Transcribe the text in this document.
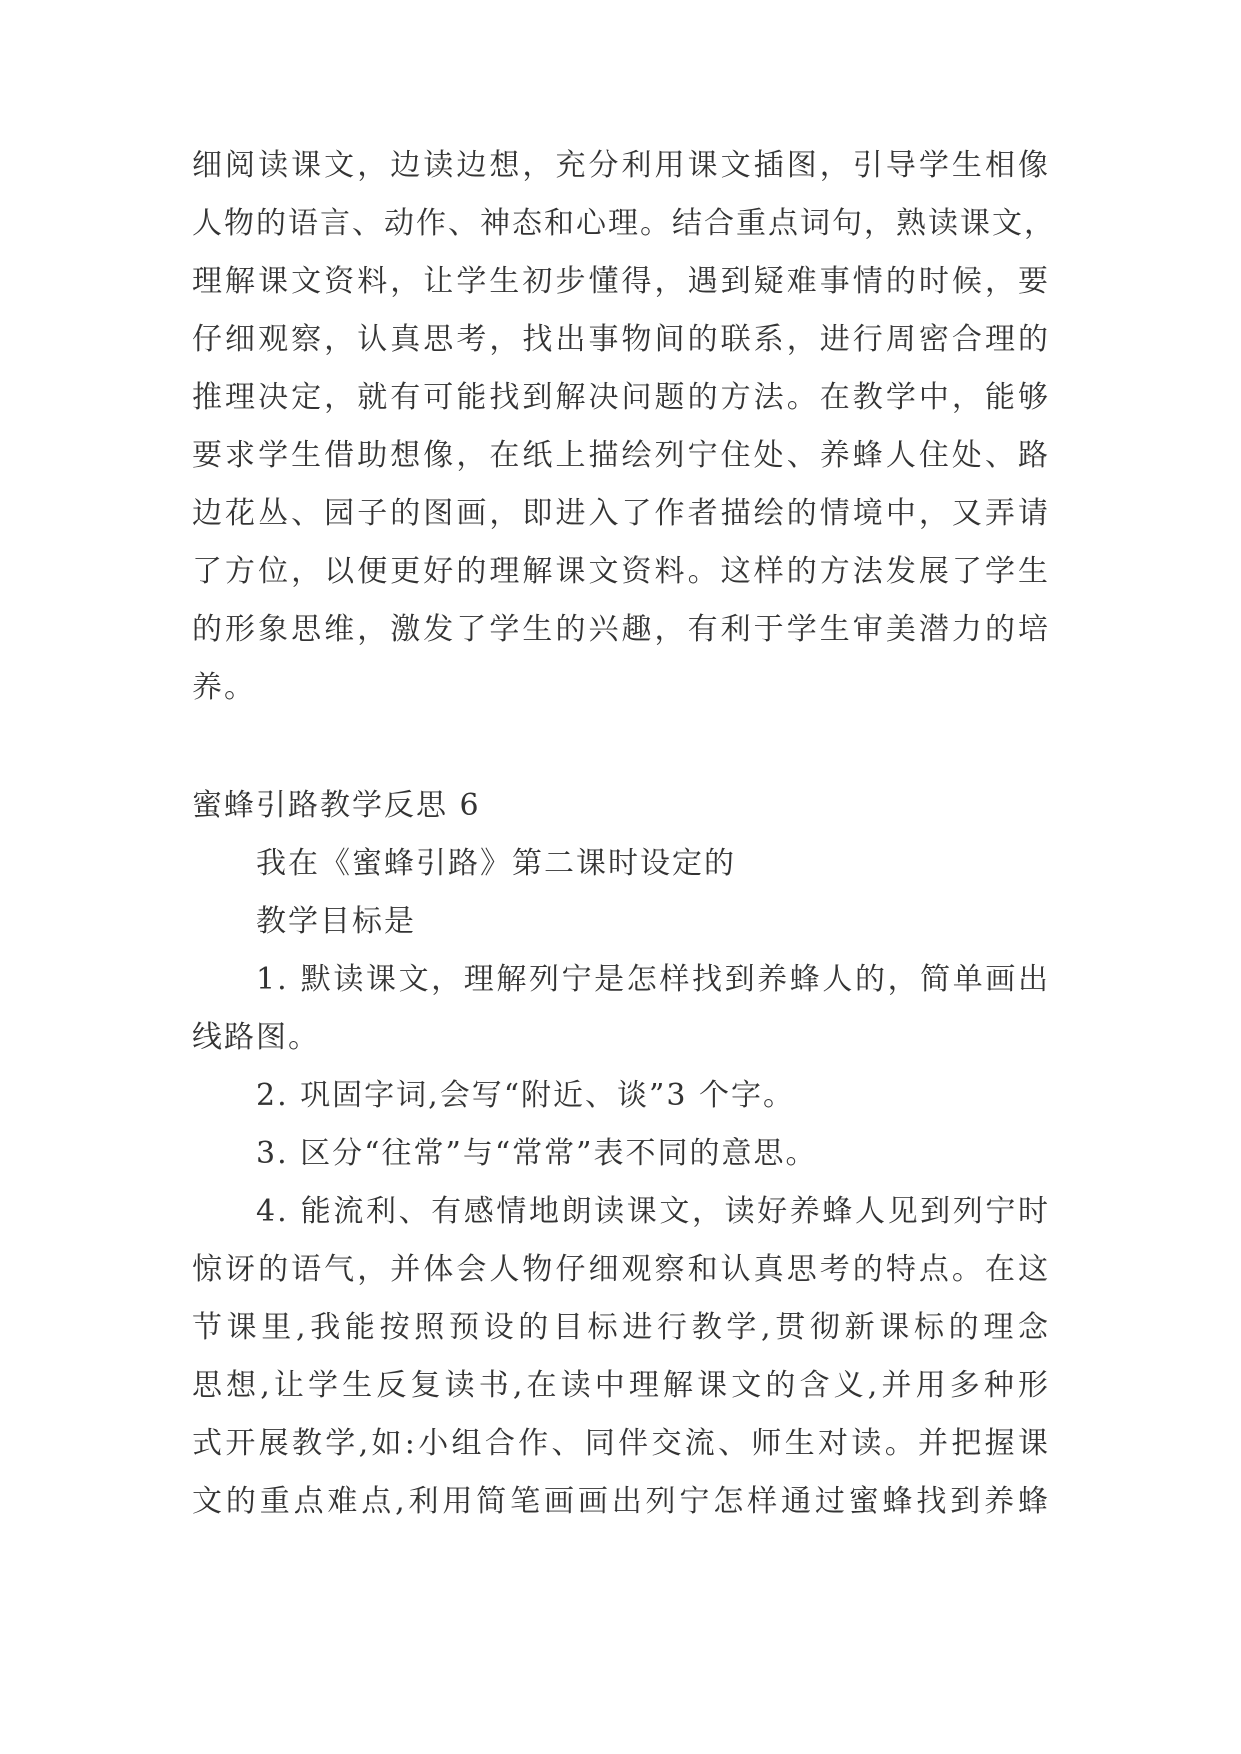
细阅读课文，边读边想，充分利用课文插图，引导学生相像
人物的语言、动作、神态和心理。结合重点词句，熟读课文，
理解课文资料，让学生初步懂得，遇到疑难事情的时候，要
仔细观察，认真思考，找出事物间的联系，进行周密合理的
推理决定，就有可能找到解决问题的方法。在教学中，能够
要求学生借助想像，在纸上描绘列宁住处、养蜂人住处、路
边花丛、园子的图画，即进入了作者描绘的情境中，又弄请
了方位，以便更好的理解课文资料。这样的方法发展了学生
的形象思维，激发了学生的兴趣，有利于学生审美潜力的培
养。
蜜蜂引路教学反思 6
我在《蜜蜂引路》第二课时设定的
教学目标是
1. 默读课文，理解列宁是怎样找到养蜂人的，简单画出
线路图。
2. 巩固字词,会写“附近、谈”3 个字。
3. 区分“往常”与“常常”表不同的意思。
4. 能流利、有感情地朗读课文，读好养蜂人见到列宁时
惊讶的语气，并体会人物仔细观察和认真思考的特点。在这
节课里,我能按照预设的目标进行教学,贯彻新课标的理念
思想,让学生反复读书,在读中理解课文的含义,并用多种形
式开展教学,如:小组合作、同伴交流、师生对读。并把握课
文的重点难点,利用简笔画画出列宁怎样通过蜜蜂找到养蜂
